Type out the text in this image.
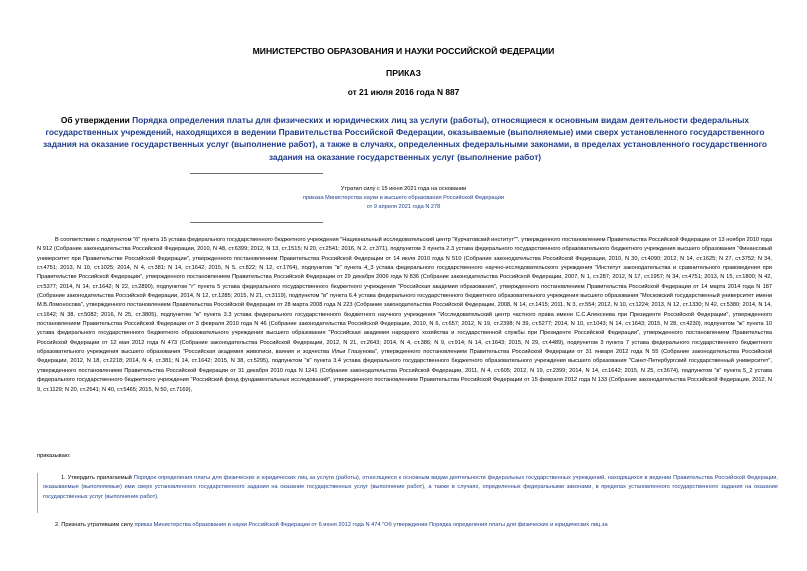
МИНИСТЕРСТВО ОБРАЗОВАНИЯ И НАУКИ РОССИЙСКОЙ ФЕДЕРАЦИИ
ПРИКАЗ
от 21 июля 2016 года N 887
Об утверждении Порядка определения платы для физических и юридических лиц за услуги (работы), относящиеся к основным видам деятельности федеральных государственных учреждений, находящихся в ведении Правительства Российской Федерации, оказываемые (выполняемые) ими сверх установленного государственного задания на оказание государственных услуг (выполнение работ), а также в случаях, определенных федеральными законами, в пределах установленного государственного задания на оказание государственных услуг (выполнение работ)
Утратил силу с 15 июня 2021 года на основании
приказа Министерства науки и высшего образования Российской Федерации
от 9 апреля 2021 года N 278

В соответствии с подпунктом "б" пункта 15 устава федерального государственного бюджетного учреждения "Национальный исследовательский центр "Курчатовский институт"", утвержденного постановлением Правительства Российской Федерации от 13 ноября 2010 года N 912 (Собрание законодательства Российской Федерации, 2010, N 48, ст.6399; 2012, N 13, ст.1515; N 20, ст.2541; 2016, N 2, ст.371), подпунктом 3 пункта 2.3 устава федерального государственного образовательного бюджетного учреждения высшего образования "Финансовый университет при Правительстве Российской Федерации", утвержденного постановлением Правительства Российской Федерации от 14 июля 2010 года N 510 (Собрание законодательства Российской Федерации, 2010, N 30, ст.4090; 2012, N 14, ст.1625; N 27, ст.3752; N 34, ст.4751; 2013, N 10, ст.1025; 2014, N 4, ст.381; N 14, ст.1642; 2015, N 5, ст.822; N 12, ст.1764), подпунктом "в" пункта 4_3 устава федерального государственного научно-исследовательского учреждения "Институт законодательства и сравнительного правоведения при Правительстве Российской Федерации", утвержденного постановлением Правительства Российской Федерации от 29 декабря 2006 года N 836 (Собрание законодательства Российской Федерации, 2007, N 1, ст.287; 2012, N 17, ст.1957; N 34, ст.4751; 2013, N 15, ст.1800; N 42, ст.5377; 2014, N 14, ст.1642; N 22, ст.2890), подпунктом "г" пункта 5 устава федерального государственного бюджетного учреждения "Российская академия образования", утвержденного постановлением Правительства Российской Федерации от 14 марта 2014 года N 187 (Собрание законодательства Российской Федерации, 2014, N 12, ст.1285; 2015, N 21, ст.3119), подпунктом "в" пункта 6.4 устава федерального государственного бюджетного образовательного учреждения высшего образования "Московский государственный университет имени М.В.Ломоносова", утвержденного постановлением Правительства Российской Федерации от 28 марта 2008 года N 223 (Собрание законодательства Российской Федерации, 2008, N 14, ст.1415; 2011, N 3, ст.554; 2012, N 10, ст.1224; 2013, N 12, ст.1330; N 42, ст.5380; 2014, N 14, ст.1642; N 38, ст.5082; 2016, N 25, ст.3805), подпунктом "в" пункта 3.3 устава федерального государственного бюджетного научного учреждения "Исследовательский центр частного права имени С.С.Алексеева при Президенте Российской Федерации", утвержденного постановлением Правительства Российской Федерации от 3 февраля 2010 года N 46 (Собрание законодательства Российской Федерации, 2010, N 6, ст.657; 2012, N 19, ст.2398; N 39, ст.5277; 2014, N 10, ст.1043; N 14, ст.1643; 2015, N 28, ст.4230), подпунктом "ж" пункта 10 устава федерального государственного бюджетного образовательного учреждения высшего образования "Российская академия народного хозяйства и государственной службы при Президенте Российской Федерации", утвержденного постановлением Правительства Российской Федерации от 12 мая 2012 года N 473 (Собрание законодательства Российской Федерации, 2012, N 21, ст.2643; 2014, N 4, ст.386; N 9, ст.914; N 14, ст.1643; 2015, N 29, ст.4489), подпунктом 3 пункта 7 устава федерального государственного бюджетного образовательного учреждения высшего образования "Российская академия живописи, ваяния и зодчества Ильи Глазунова", утвержденного постановлением Правительства Российской Федерации от 31 января 2012 года N 55 (Собрание законодательства Российской Федерации, 2012, N 18, ст.2218; 2014, N 4, ст.381; N 14, ст.1642; 2015, N 38, ст.5295), подпунктом "в" пункта 3.4 устава федерального государственного бюджетного образовательного учреждения высшего образования "Санкт-Петербургский государственный университет", утвержденного постановлением Правительства Российской Федерации от 31 декабря 2010 года N 1241 (Собрание законодательства Российской Федерации, 2011, N 4, ст.605; 2012, N 19, ст.2399; 2014, N 14, ст.1642; 2015, N 25, ст.3674), подпунктом "в" пункта 5_2 устава федерального государственного бюджетного учреждения "Российский фонд фундаментальных исследований", утвержденного постановлением Правительства Российской Федерации от 15 февраля 2012 года N 133 (Собрание законодательства Российской Федерации, 2012, N 9, ст.1129; N 20, ст.2541; N 40, ст.5465; 2015, N 50, ст.7169),

приказываю:

1. Утвердить прилагаемый Порядок определения платы для физических и юридических лиц за услуги (работы), относящиеся к основным видам деятельности федеральных государственных учреждений, находящихся в ведении Правительства Российской Федерации, оказываемые (выполняемые) ими сверх установленного государственного задания на оказание государственных услуг (выполнение работ), а также в случаях, определенных федеральными законами, в пределах установленного государственного задания на оказание государственных услуг (выполнение работ).

2. Признать утратившим силу приказ Министерства образования и науки Российской Федерации от 6 июня 2012 года N 474 "Об утверждении Порядка определения платы для физических и юридических лиц за
